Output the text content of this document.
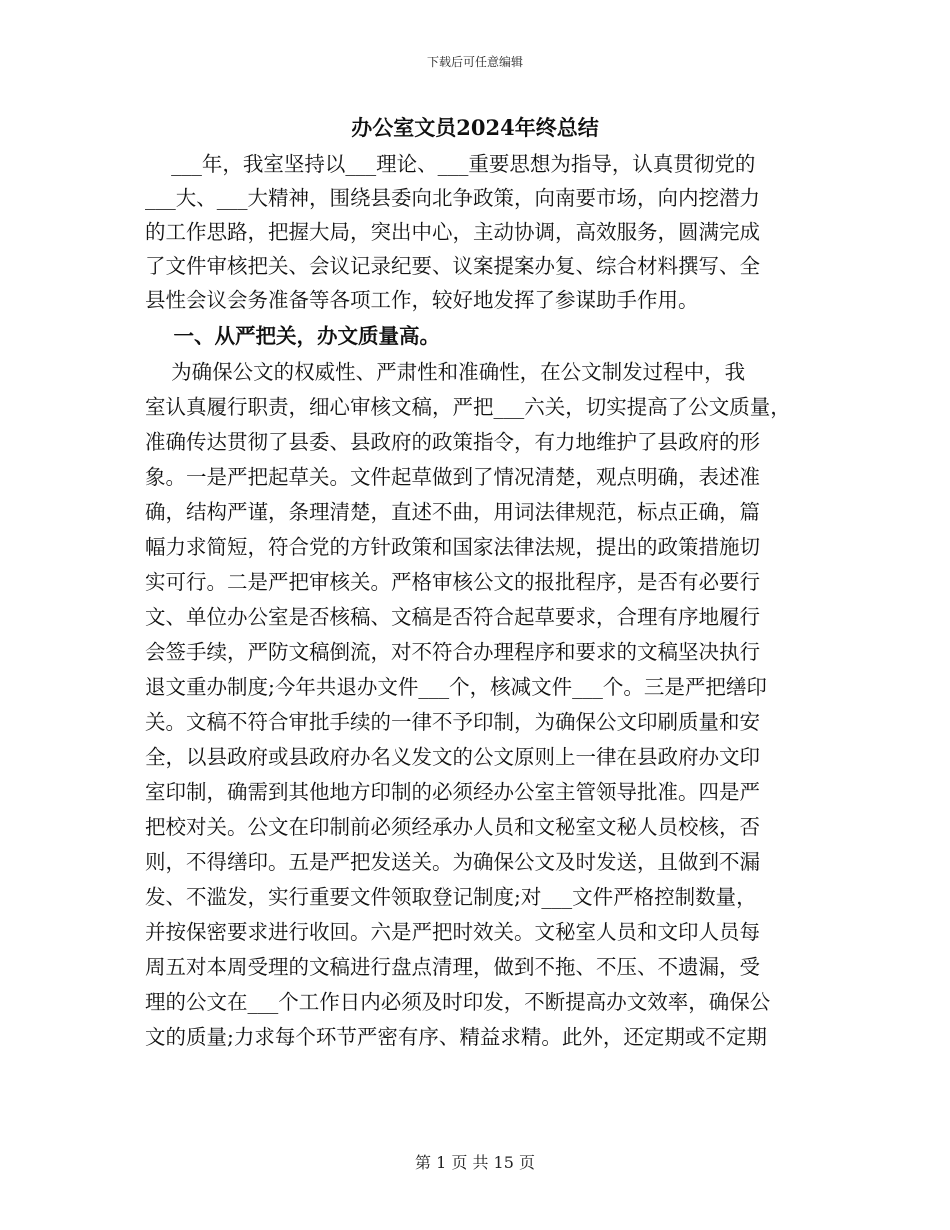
下载后可任意编辑
办公室文员2024年终总结
___年，我室坚持以___理论、___重要思想为指导，认真贯彻党的
___大、___大精神，围绕县委向北争政策，向南要市场，向内挖潜力
的工作思路，把握大局，突出中心，主动协调，高效服务，圆满完成
了文件审核把关、会议记录纪要、议案提案办复、综合材料撰写、全
县性会议会务准备等各项工作，较好地发挥了参谋助手作用。
一、从严把关，办文质量高。
为确保公文的权威性、严肃性和准确性，在公文制发过程中，我
室认真履行职责，细心审核文稿，严把___六关，切实提高了公文质量，
准确传达贯彻了县委、县政府的政策指令，有力地维护了县政府的形
象。一是严把起草关。文件起草做到了情况清楚，观点明确，表述准
确，结构严谨，条理清楚，直述不曲，用词法律规范，标点正确，篇
幅力求简短，符合党的方针政策和国家法律法规，提出的政策措施切
实可行。二是严把审核关。严格审核公文的报批程序，是否有必要行
文、单位办公室是否核稿、文稿是否符合起草要求，合理有序地履行
会签手续，严防文稿倒流，对不符合办理程序和要求的文稿坚决执行
退文重办制度;今年共退办文件___个，核减文件___个。三是严把缮印
关。文稿不符合审批手续的一律不予印制，为确保公文印刷质量和安
全，以县政府或县政府办名义发文的公文原则上一律在县政府办文印
室印制，确需到其他地方印制的必须经办公室主管领导批准。四是严
把校对关。公文在印制前必须经承办人员和文秘室文秘人员校核，否
则，不得缮印。五是严把发送关。为确保公文及时发送，且做到不漏
发、不滥发，实行重要文件领取登记制度;对___文件严格控制数量，
并按保密要求进行收回。六是严把时效关。文秘室人员和文印人员每
周五对本周受理的文稿进行盘点清理，做到不拖、不压、不遗漏，受
理的公文在___个工作日内必须及时印发，不断提高办文效率，确保公
文的质量;力求每个环节严密有序、精益求精。此外，还定期或不定期
第 1 页 共 15 页
